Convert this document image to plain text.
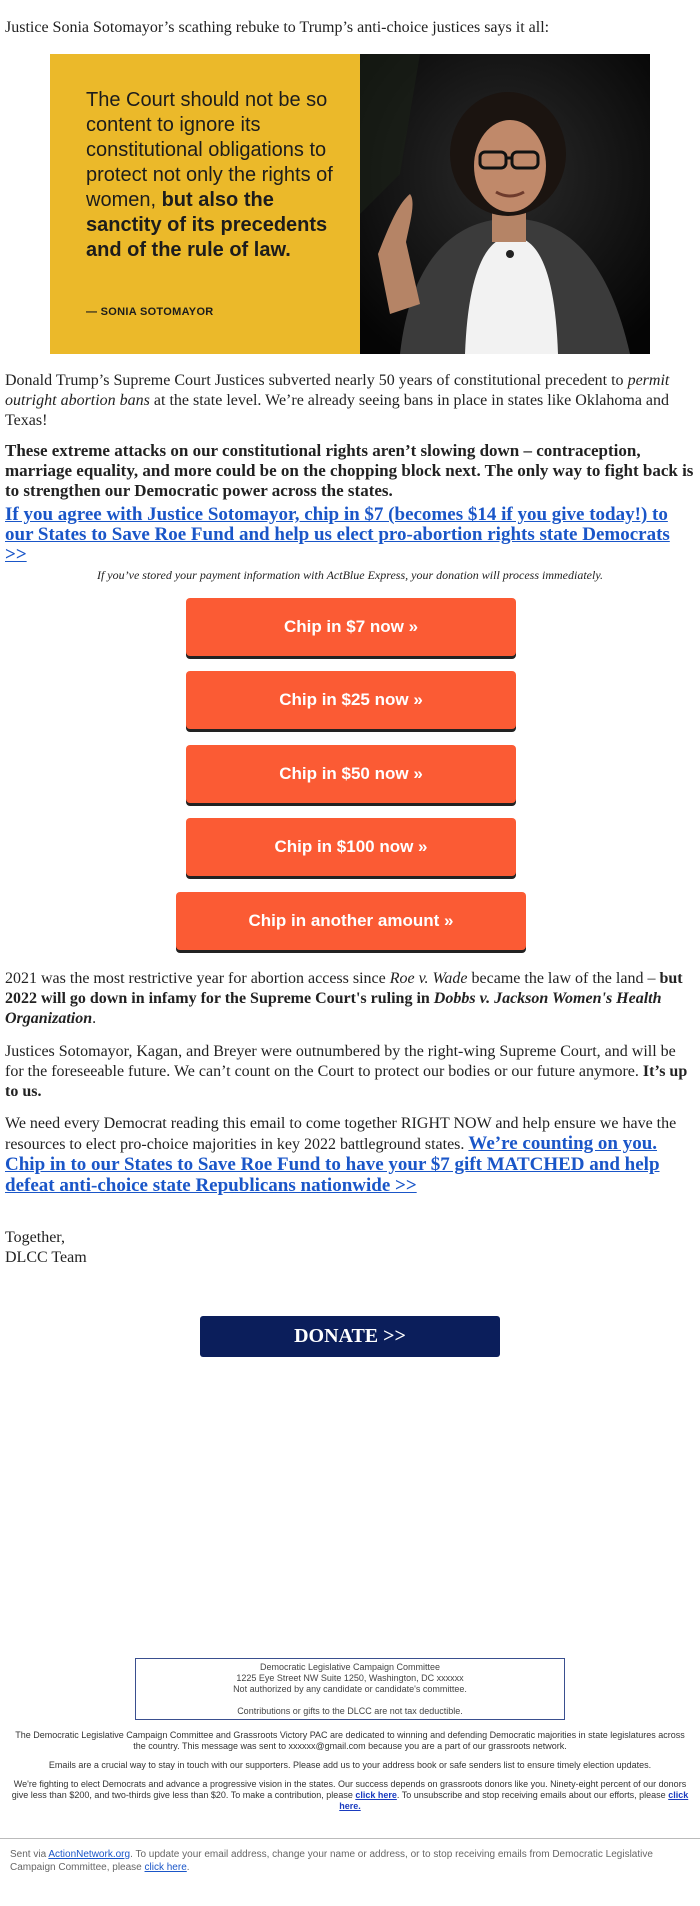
Justice Sonia Sotomayor’s scathing rebuke to Trump’s anti-choice justices says it all:

The Court should not be so content to ignore its constitutional obligations to protect not only the rights of women, but also the sanctity of its precedents and of the rule of law.
— SONIA SOTOMAYOR

Donald Trump’s Supreme Court Justices subverted nearly 50 years of constitutional precedent to permit outright abortion bans at the state level. We’re already seeing bans in place in states like Oklahoma and Texas!

These extreme attacks on our constitutional rights aren’t slowing down – contraception, marriage equality, and more could be on the chopping block next. The only way to fight back is to strengthen our Democratic power across the states.

If you agree with Justice Sotomayor, chip in $7 (becomes $14 if you give today!) to our States to Save Roe Fund and help us elect pro-abortion rights state Democrats >>

If you’ve stored your payment information with ActBlue Express, your donation will process immediately.

Chip in $7 now »
Chip in $25 now »
Chip in $50 now »
Chip in $100 now »
Chip in another amount »

2021 was the most restrictive year for abortion access since Roe v. Wade became the law of the land – but 2022 will go down in infamy for the Supreme Court's ruling in Dobbs v. Jackson Women's Health Organization.

Justices Sotomayor, Kagan, and Breyer were outnumbered by the right-wing Supreme Court, and will be for the foreseeable future. We can’t count on the Court to protect our bodies or our future anymore. It’s up to us.

We need every Democrat reading this email to come together RIGHT NOW and help ensure we have the resources to elect pro-choice majorities in key 2022 battleground states. We’re counting on you. Chip in to our States to Save Roe Fund to have your $7 gift MATCHED and help defeat anti-choice state Republicans nationwide >>

Together,
DLCC Team
DONATE >>
Democratic Legislative Campaign Committee
1225 Eye Street NW Suite 1250, Washington, DC xxxxxx
Not authorized by any candidate or candidate's committee.
Contributions or gifts to the DLCC are not tax deductible.

The Democratic Legislative Campaign Committee and Grassroots Victory PAC are dedicated to winning and defending Democratic majorities in state legislatures across the country. This message was sent to xxxxxx@gmail.com because you are a part of our grassroots network.

Emails are a crucial way to stay in touch with our supporters. Please add us to your address book or safe senders list to ensure timely election updates.

We're fighting to elect Democrats and advance a progressive vision in the states. Our success depends on grassroots donors like you. Ninety-eight percent of our donors give less than $200, and two-thirds give less than $20. To make a contribution, please click here. To unsubscribe and stop receiving emails about our efforts, please click here.

Sent via ActionNetwork.org. To update your email address, change your name or address, or to stop receiving emails from Democratic Legislative Campaign Committee, please click here.
